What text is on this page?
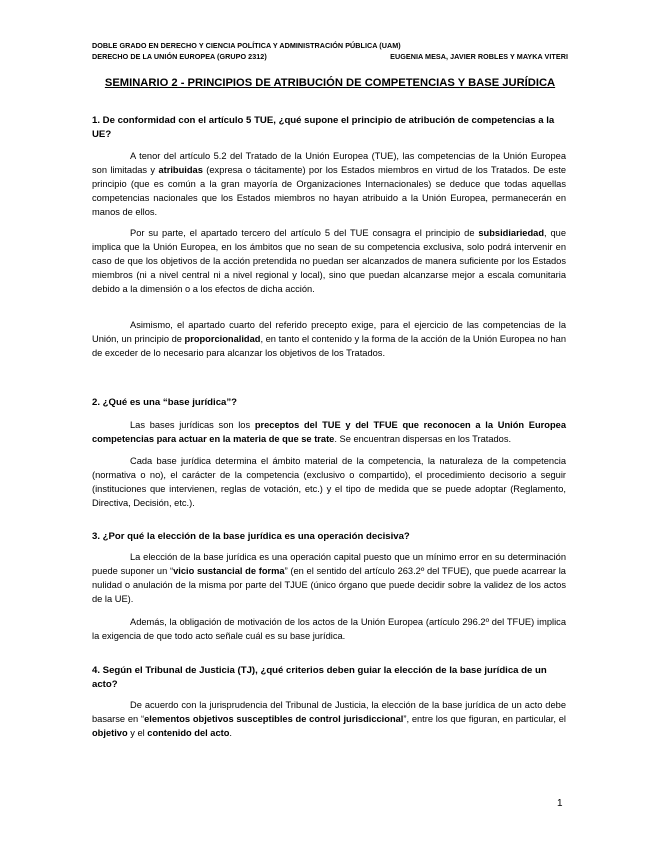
DOBLE GRADO EN DERECHO Y CIENCIA POLÍTICA Y ADMINISTRACIÓN PÚBLICA (UAM)
DERECHO DE LA UNIÓN EUROPEA (GRUPO 2312)	EUGENIA MESA, JAVIER ROBLES Y MAYKA VITERI
SEMINARIO 2 - PRINCIPIOS DE ATRIBUCIÓN DE COMPETENCIAS Y BASE JURÍDICA

1. De conformidad con el artículo 5 TUE, ¿qué supone el principio de atribución de competencias a la UE?

A tenor del artículo 5.2 del Tratado de la Unión Europea (TUE), las competencias de la Unión Europea son limitadas y atribuidas (expresa o tácitamente) por los Estados miembros en virtud de los Tratados. De este principio (que es común a la gran mayoría de Organizaciones Internacionales) se deduce que todas aquellas competencias nacionales que los Estados miembros no hayan atribuido a la Unión Europea, permanecerán en manos de ellos.

Por su parte, el apartado tercero del artículo 5 del TUE consagra el principio de subsidiariedad, que implica que la Unión Europea, en los ámbitos que no sean de su competencia exclusiva, solo podrá intervenir en caso de que los objetivos de la acción pretendida no puedan ser alcanzados de manera suficiente por los Estados miembros (ni a nivel central ni a nivel regional y local), sino que puedan alcanzarse mejor a escala comunitaria debido a la dimensión o a los efectos de dicha acción.

Asimismo, el apartado cuarto del referido precepto exige, para el ejercicio de las competencias de la Unión, un principio de proporcionalidad, en tanto el contenido y la forma de la acción de la Unión Europea no han de exceder de lo necesario para alcanzar los objetivos de los Tratados.

2. ¿Qué es una “base jurídica”?

Las bases jurídicas son los preceptos del TUE y del TFUE que reconocen a la Unión Europea competencias para actuar en la materia de que se trate. Se encuentran dispersas en los Tratados.

Cada base jurídica determina el ámbito material de la competencia, la naturaleza de la competencia (normativa o no), el carácter de la competencia (exclusivo o compartido), el procedimiento decisorio a seguir (instituciones que intervienen, reglas de votación, etc.) y el tipo de medida que se puede adoptar (Reglamento, Directiva, Decisión, etc.).

3. ¿Por qué la elección de la base jurídica es una operación decisiva?

La elección de la base jurídica es una operación capital puesto que un mínimo error en su determinación puede suponer un “vicio sustancial de forma” (en el sentido del artículo 263.2º del TFUE), que puede acarrear la nulidad o anulación de la misma por parte del TJUE (único órgano que puede decidir sobre la validez de los actos de la UE).

Además, la obligación de motivación de los actos de la Unión Europea (artículo 296.2º del TFUE) implica la exigencia de que todo acto señale cuál es su base jurídica.

4. Según el Tribunal de Justicia (TJ), ¿qué criterios deben guiar la elección de la base jurídica de un acto?

De acuerdo con la jurisprudencia del Tribunal de Justicia, la elección de la base jurídica de un acto debe basarse en “elementos objetivos susceptibles de control jurisdiccional”, entre los que figuran, en particular, el objetivo y el contenido del acto.

1
